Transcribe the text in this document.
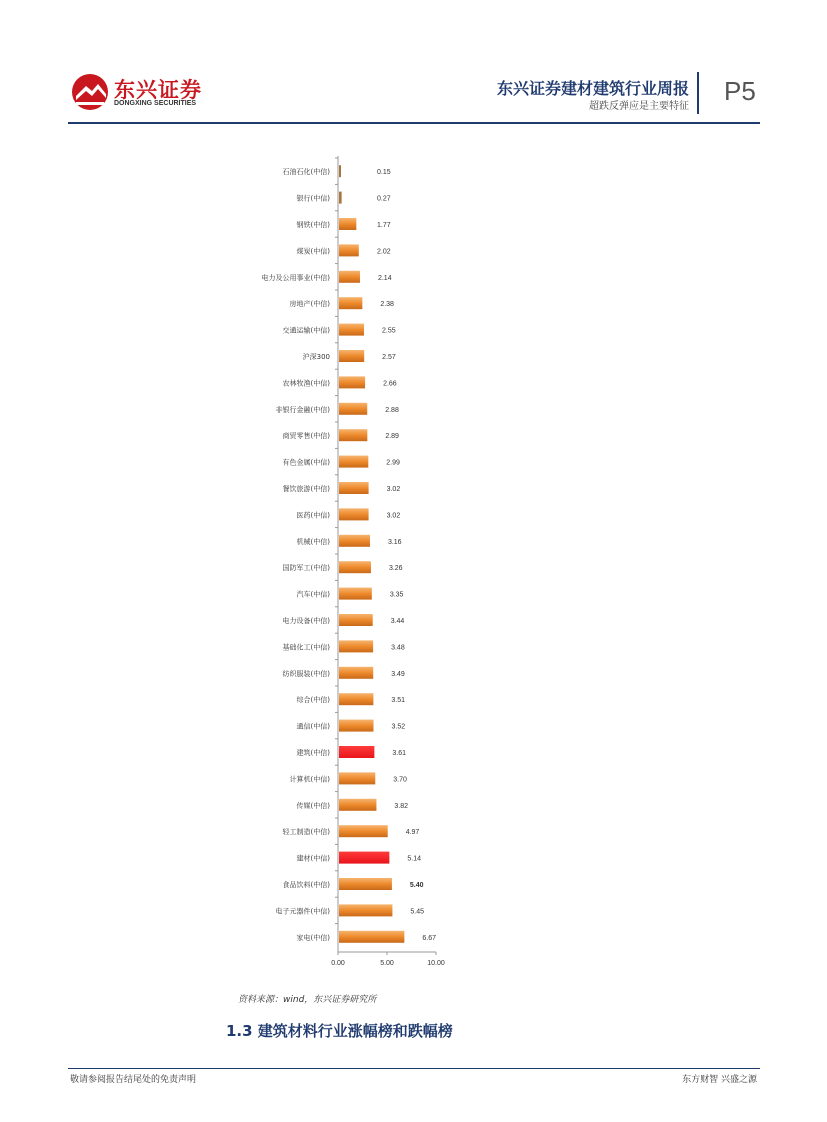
东兴证券
DONGXING SECURITIES
东兴证券建材建筑行业周报
超跌反弹应是主要特征
P5
石油石化(中信)	0.15
银行(中信)	0.27
钢铁(中信)	1.77
煤炭(中信)	2.02
电力及公用事业(中信)	2.14
房地产(中信)	2.38
交通运输(中信)	2.55
沪深300	2.57
农林牧渔(中信)	2.66
非银行金融(中信)	2.88
商贸零售(中信)	2.89
有色金属(中信)	2.99
餐饮旅游(中信)	3.02
医药(中信)	3.02
机械(中信)	3.16
国防军工(中信)	3.26
汽车(中信)	3.35
电力设备(中信)	3.44
基础化工(中信)	3.48
纺织服装(中信)	3.49
综合(中信)	3.51
通信(中信)	3.52
建筑(中信)	3.61
计算机(中信)	3.70
传媒(中信)	3.82
轻工制造(中信)	4.97
建材(中信)	5.14
食品饮料(中信)	5.40
电子元器件(中信)	5.45
家电(中信)	6.67
0.00	5.00	10.00
资料来源：wind，东兴证券研究所
1.3 建筑材料行业涨幅榜和跌幅榜
敬请参阅报告结尾处的免责声明	东方财智 兴盛之源
